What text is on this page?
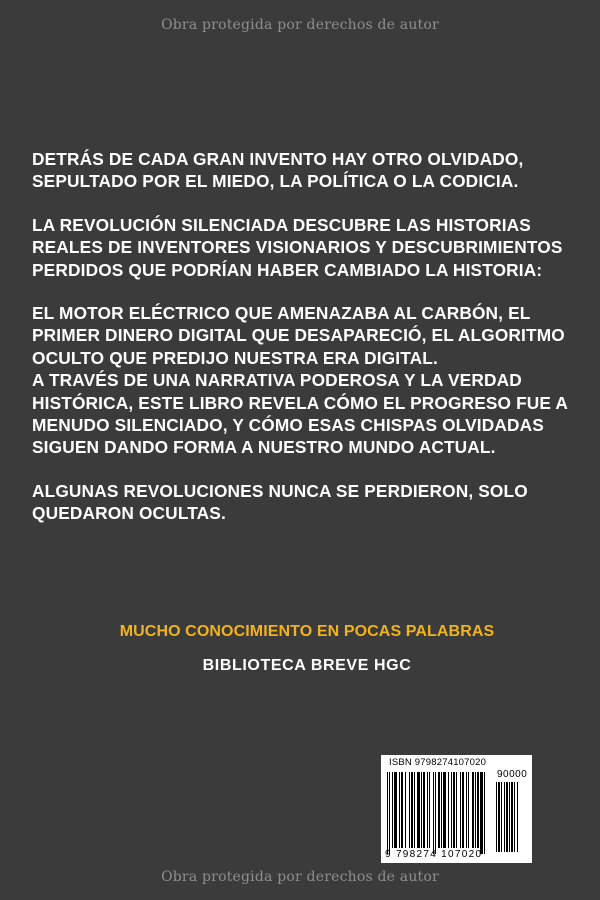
Obra protegida por derechos de autor
DETRÁS DE CADA GRAN INVENTO HAY OTRO OLVIDADO,
SEPULTADO POR EL MIEDO, LA POLÍTICA O LA CODICIA.
LA REVOLUCIÓN SILENCIADA DESCUBRE LAS HISTORIAS
REALES DE INVENTORES VISIONARIOS Y DESCUBRIMIENTOS
PERDIDOS QUE PODRÍAN HABER CAMBIADO LA HISTORIA:
EL MOTOR ELÉCTRICO QUE AMENAZABA AL CARBÓN, EL
PRIMER DINERO DIGITAL QUE DESAPARECIÓ, EL ALGORITMO
OCULTO QUE PREDIJO NUESTRA ERA DIGITAL.
A TRAVÉS DE UNA NARRATIVA PODEROSA Y LA VERDAD
HISTÓRICA, ESTE LIBRO REVELA CÓMO EL PROGRESO FUE A
MENUDO SILENCIADO, Y CÓMO ESAS CHISPAS OLVIDADAS
SIGUEN DANDO FORMA A NUESTRO MUNDO ACTUAL.
ALGUNAS REVOLUCIONES NUNCA SE PERDIERON, SOLO
QUEDARON OCULTAS.
MUCHO CONOCIMIENTO EN POCAS PALABRAS
BIBLIOTECA BREVE HGC
ISBN 9798274107020
90000
9 798274 107020
Obra protegida por derechos de autor
